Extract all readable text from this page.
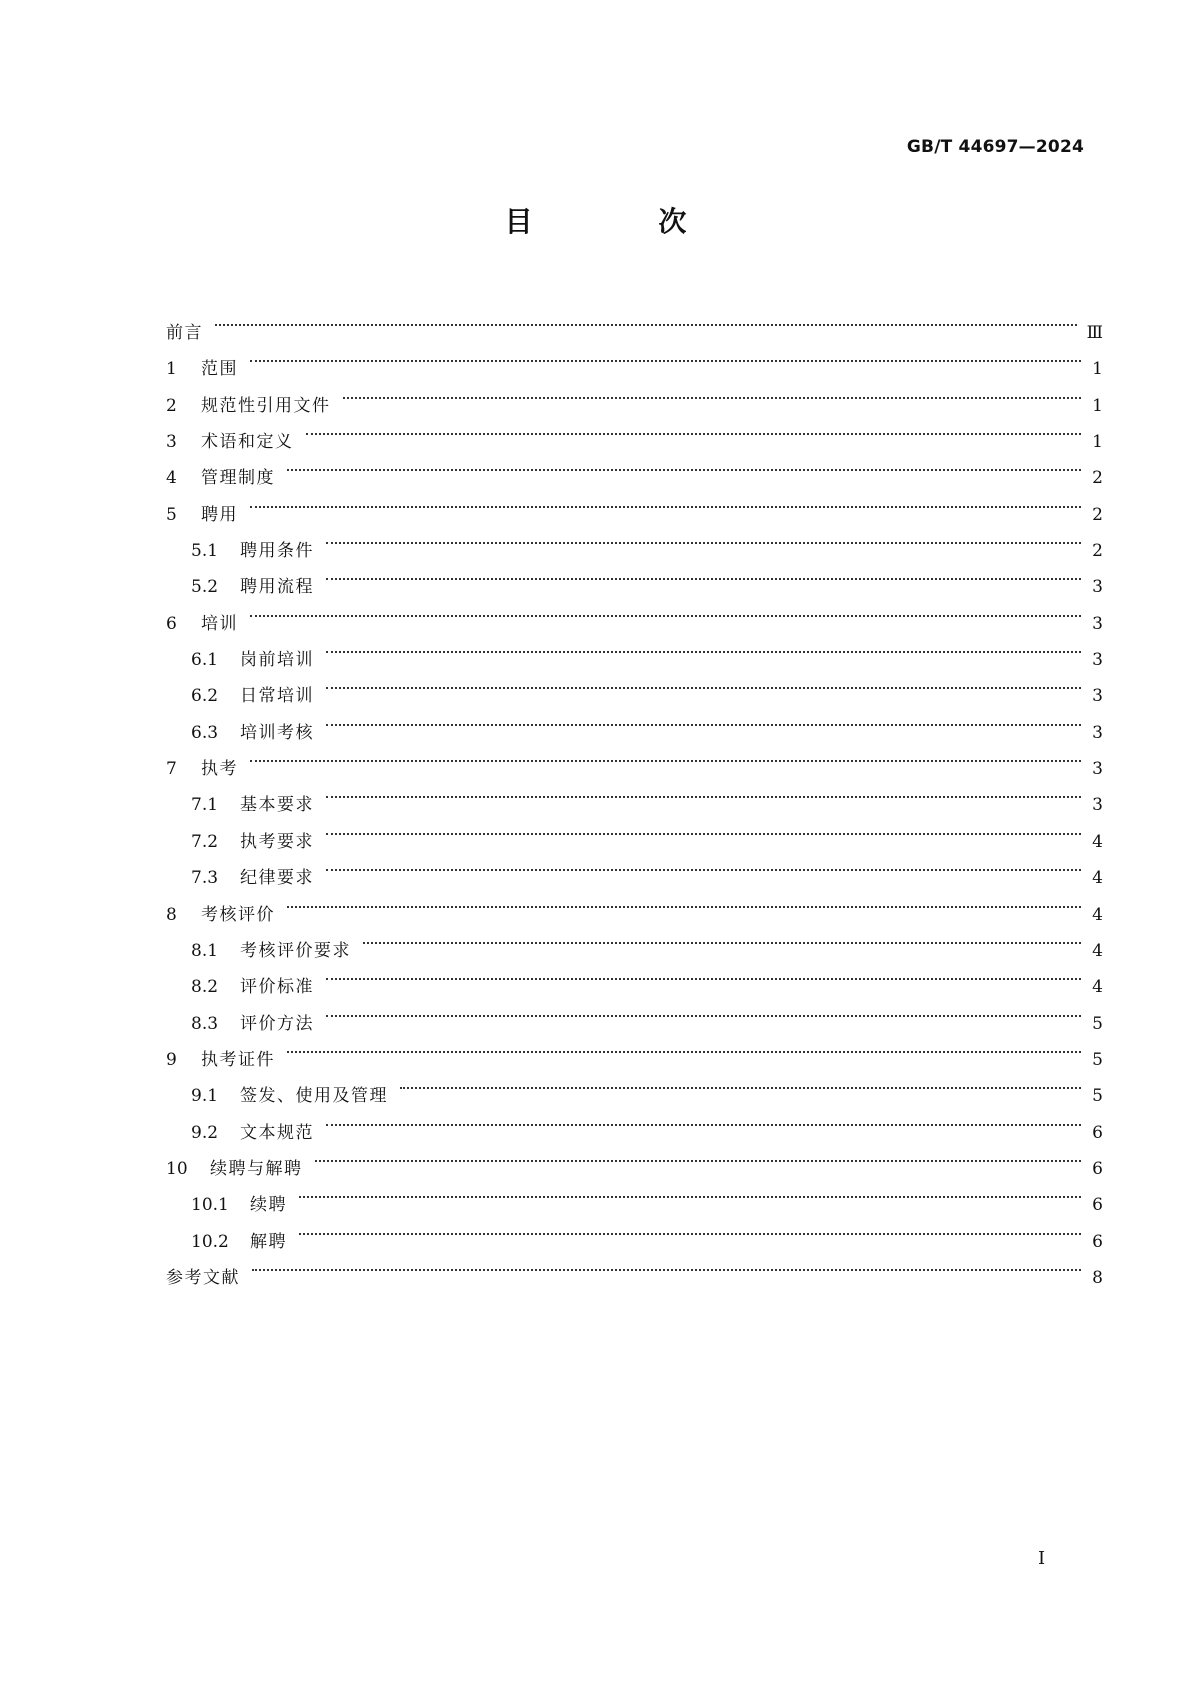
GB/T 44697—2024
目 次
前言	Ⅲ
1	范围	1
2	规范性引用文件	1
3	术语和定义	1
4	管理制度	2
5	聘用	2
5.1	聘用条件	2
5.2	聘用流程	3
6	培训	3
6.1	岗前培训	3
6.2	日常培训	3
6.3	培训考核	3
7	执考	3
7.1	基本要求	3
7.2	执考要求	4
7.3	纪律要求	4
8	考核评价	4
8.1	考核评价要求	4
8.2	评价标准	4
8.3	评价方法	5
9	执考证件	5
9.1	签发、使用及管理	5
9.2	文本规范	6
10	续聘与解聘	6
10.1	续聘	6
10.2	解聘	6
参考文献	8
I
